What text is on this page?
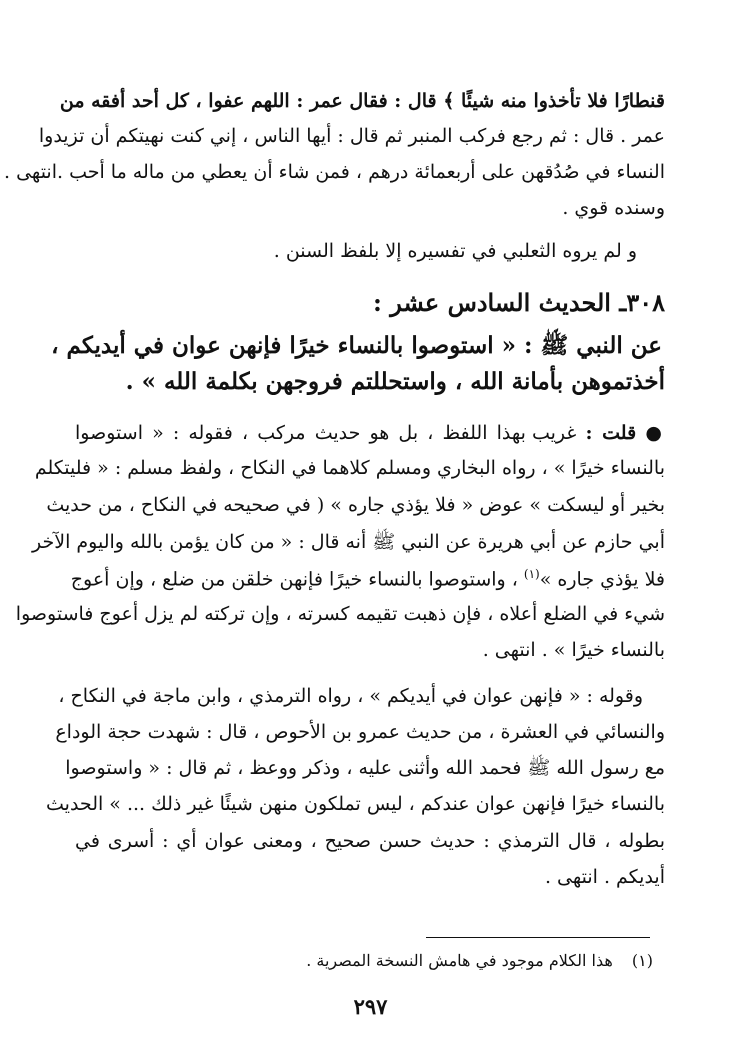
قنطارًا فلا تأخذوا منه شيئًا ﴾ قال : فقال عمر : اللهم عفوا ، كل أحد أفقه من
عمر . قال : ثم رجع فركب المنبر ثم قال : أيها الناس ، إني كنت نهيتكم أن تزيدوا
النساء في صُدُقهن على أربعمائة درهم ، فمن شاء أن يعطي من ماله ما أحب .انتهى .
وسنده قوي .
و لم يروه الثعلبي في تفسيره إلا بلفظ السنن .
٣٠٨ـ الحديث السادس عشر :
عن النبي ﷺ : « استوصوا بالنساء خيرًا فإنهن عوان في أيديكم ،
أخذتموهن بأمانة الله ، واستحللتم فروجهن بكلمة الله » .
● قلت : غريب بهذا اللفظ ، بل هو حديث مركب ، فقوله : « استوصوا
بالنساء خيرًا » ، رواه البخاري ومسلم كلاهما في النكاح ، ولفظ مسلم : « فليتكلم
بخير أو ليسكت » عوض « فلا يؤذي جاره » ( في صحيحه في النكاح ، من حديث
أبي حازم عن أبي هريرة عن النبي ﷺ أنه قال : « من كان يؤمن بالله واليوم الآخر
فلا يؤذي جاره »$^{(١)}$ ، واستوصوا بالنساء خيرًا فإنهن خلقن من ضلع ، وإن أعوج
شيء في الضلع أعلاه ، فإن ذهبت تقيمه كسرته ، وإن تركته لم يزل أعوج فاستوصوا
بالنساء خيرًا » . انتهى .
وقوله : « فإنهن عوان في أيديكم » ، رواه الترمذي ، وابن ماجة في النكاح ،
والنسائي في العشرة ، من حديث عمرو بن الأحوص ، قال : شهدت حجة الوداع
مع رسول الله ﷺ فحمد الله وأثنى عليه ، وذكر ووعظ ، ثم قال : « واستوصوا
بالنساء خيرًا فإنهن عوان عندكم ، ليس تملكون منهن شيئًا غير ذلك ... » الحديث
بطوله ، قال الترمذي : حديث حسن صحيح ، ومعنى عوان أي : أسرى في
أيديكم . انتهى .
(١) هذا الكلام موجود في هامش النسخة المصرية .
٢٩٧
